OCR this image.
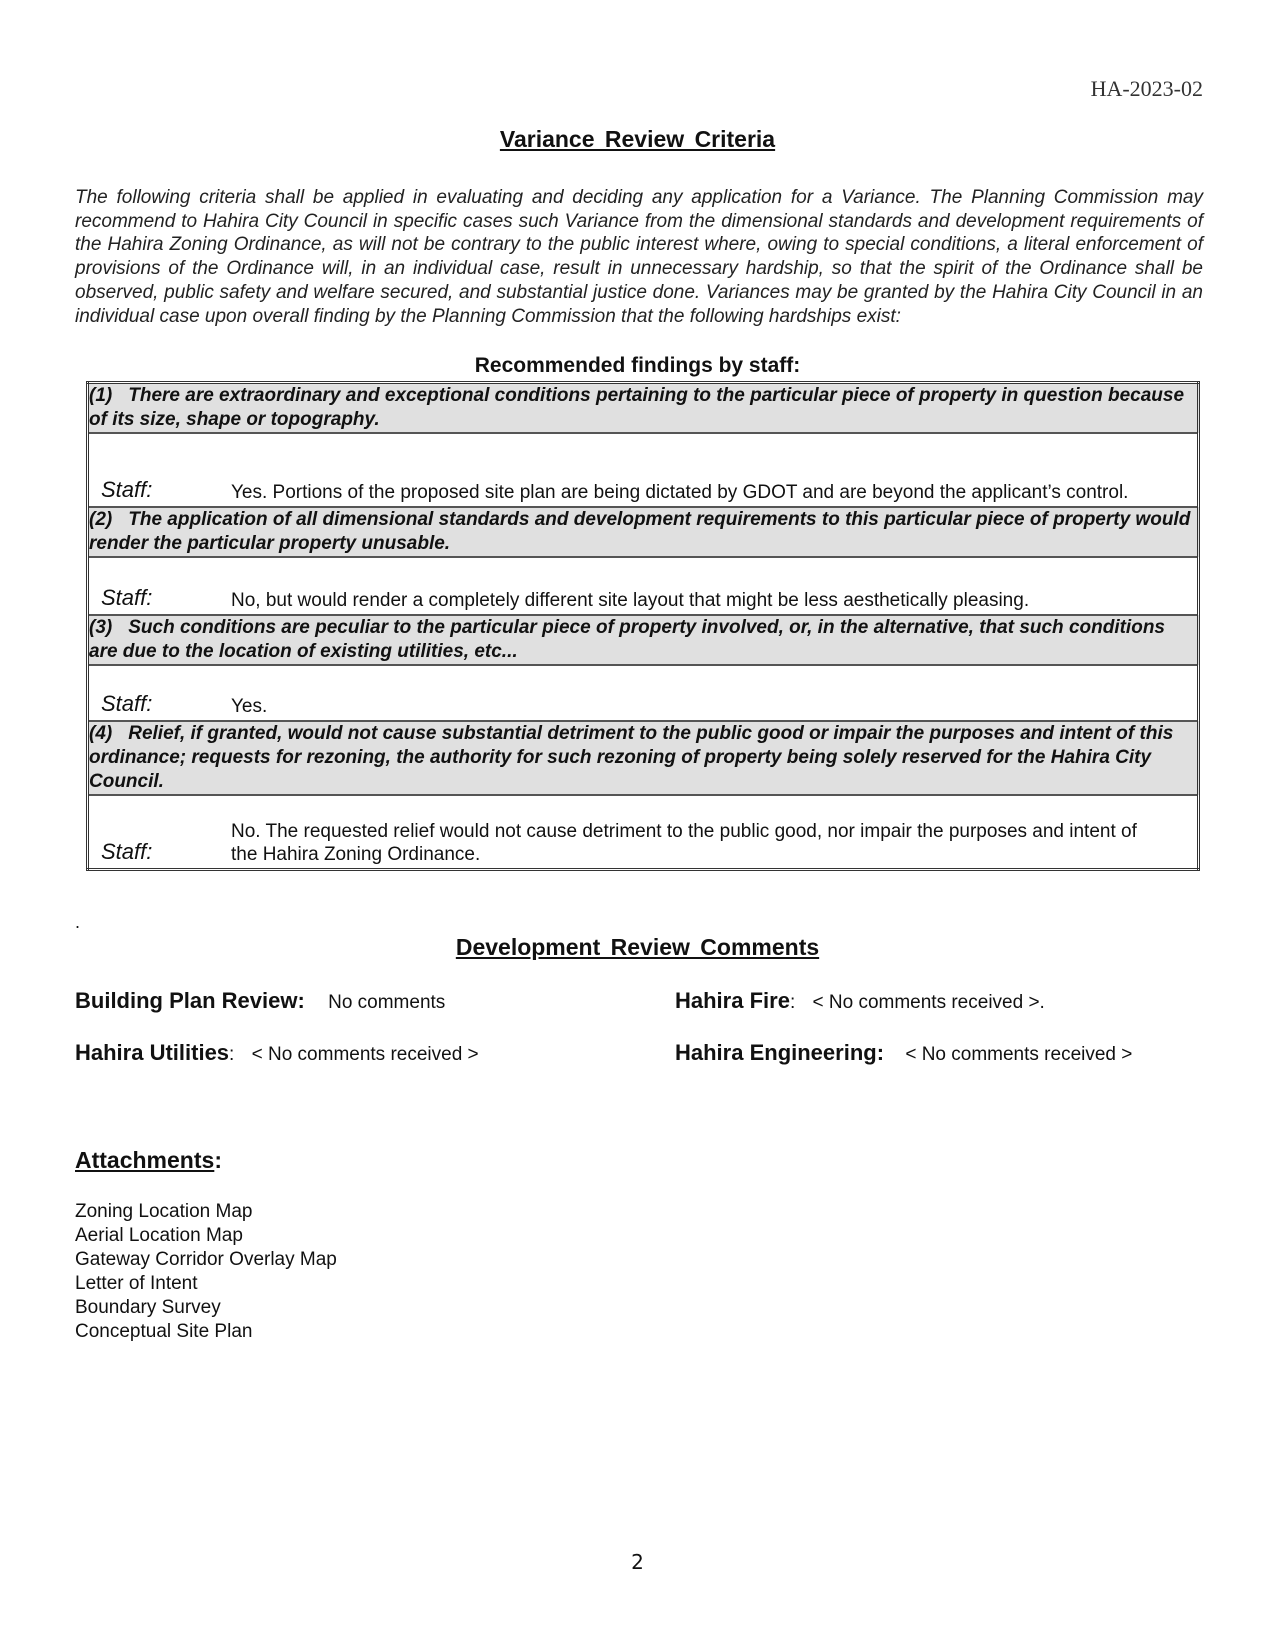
HA-2023-02
Variance Review Criteria
The following criteria shall be applied in evaluating and deciding any application for a Variance. The Planning Commission may recommend to Hahira City Council in specific cases such Variance from the dimensional standards and development requirements of the Hahira Zoning Ordinance, as will not be contrary to the public interest where, owing to special conditions, a literal enforcement of provisions of the Ordinance will, in an individual case, result in unnecessary hardship, so that the spirit of the Ordinance shall be observed, public safety and welfare secured, and substantial justice done. Variances may be granted by the Hahira City Council in an individual case upon overall finding by the Planning Commission that the following hardships exist:
Recommended findings by staff:
(1) There are extraordinary and exceptional conditions pertaining to the particular piece of property in question because of its size, shape or topography.

Staff:	Yes. Portions of the proposed site plan are being dictated by GDOT and are beyond the applicant’s control.

(2) The application of all dimensional standards and development requirements to this particular piece of property would render the particular property unusable.

Staff:	No, but would render a completely different site layout that might be less aesthetically pleasing.

(3) Such conditions are peculiar to the particular piece of property involved, or, in the alternative, that such conditions are due to the location of existing utilities, etc...

Staff:	Yes.

(4) Relief, if granted, would not cause substantial detriment to the public good or impair the purposes and intent of this ordinance; requests for rezoning, the authority for such rezoning of property being solely reserved for the Hahira City Council.

Staff:
No. The requested relief would not cause detriment to the public good, nor impair the purposes and intent of the Hahira Zoning Ordinance.
.
Development Review Comments
Building Plan Review: No comments	Hahira Fire: < No comments received >.
Hahira Utilities: < No comments received >	Hahira Engineering: < No comments received >
Attachments:
Zoning Location Map
Aerial Location Map
Gateway Corridor Overlay Map
Letter of Intent
Boundary Survey
Conceptual Site Plan
2
